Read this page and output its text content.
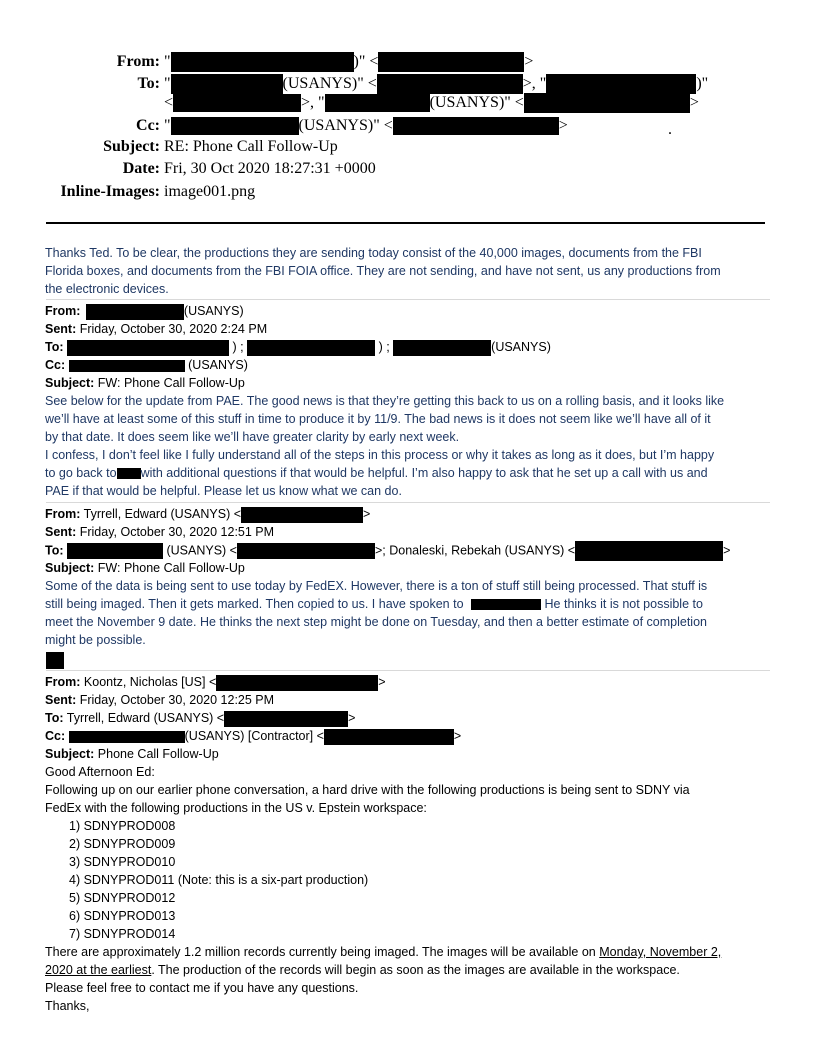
From: "	)" <	>
To: "	(USANYS)" <	>, "	)"
<	>, "	(USANYS)" <	>
Cc: "	(USANYS)" <	>	.
Subject: RE: Phone Call Follow-Up
Date: Fri, 30 Oct 2020 18:27:31 +0000
Inline-Images: image001.png
Thanks Ted. To be clear, the productions they are sending today consist of the 40,000 images, documents from the FBI
Florida boxes, and documents from the FBI FOIA office. They are not sending, and have not sent, us any productions from
the electronic devices.
From:	(USANYS)
Sent: Friday, October 30, 2020 2:24 PM
To:	) ;	) ;	(USANYS)
Cc:	(USANYS)
Subject: FW: Phone Call Follow-Up
See below for the update from PAE. The good news is that they’re getting this back to us on a rolling basis, and it looks like
we’ll have at least some of this stuff in time to produce it by 11/9. The bad news is it does not seem like we’ll have all of it
by that date. It does seem like we’ll have greater clarity by early next week.
I confess, I don’t feel like I fully understand all of the steps in this process or why it takes as long as it does, but I’m happy
to go back to with additional questions if that would be helpful. I’m also happy to ask that he set up a call with us and
PAE if that would be helpful. Please let us know what we can do.
From: Tyrrell, Edward (USANYS) <	>
Sent: Friday, October 30, 2020 12:51 PM
To:	(USANYS) <	>; Donaleski, Rebekah (USANYS) <	>
Subject: FW: Phone Call Follow-Up
Some of the data is being sent to use today by FedEX. However, there is a ton of stuff still being processed. That stuff is
still being imaged. Then it gets marked. Then copied to us. I have spoken to	He thinks it is not possible to
meet the November 9 date. He thinks the next step might be done on Tuesday, and then a better estimate of completion
might be possible.
From: Koontz, Nicholas [US] <	>
Sent: Friday, October 30, 2020 12:25 PM
To: Tyrrell, Edward (USANYS) <	>
Cc:	(USANYS) [Contractor] <	>
Subject: Phone Call Follow-Up
Good Afternoon Ed:
Following up on our earlier phone conversation, a hard drive with the following productions is being sent to SDNY via
FedEx with the following productions in the US v. Epstein workspace:
1) SDNYPROD008
2) SDNYPROD009
3) SDNYPROD010
4) SDNYPROD011 (Note: this is a six-part production)
5) SDNYPROD012
6) SDNYPROD013
7) SDNYPROD014
There are approximately 1.2 million records currently being imaged. The images will be available on Monday, November 2,
2020 at the earliest. The production of the records will begin as soon as the images are available in the workspace.
Please feel free to contact me if you have any questions.
Thanks,
